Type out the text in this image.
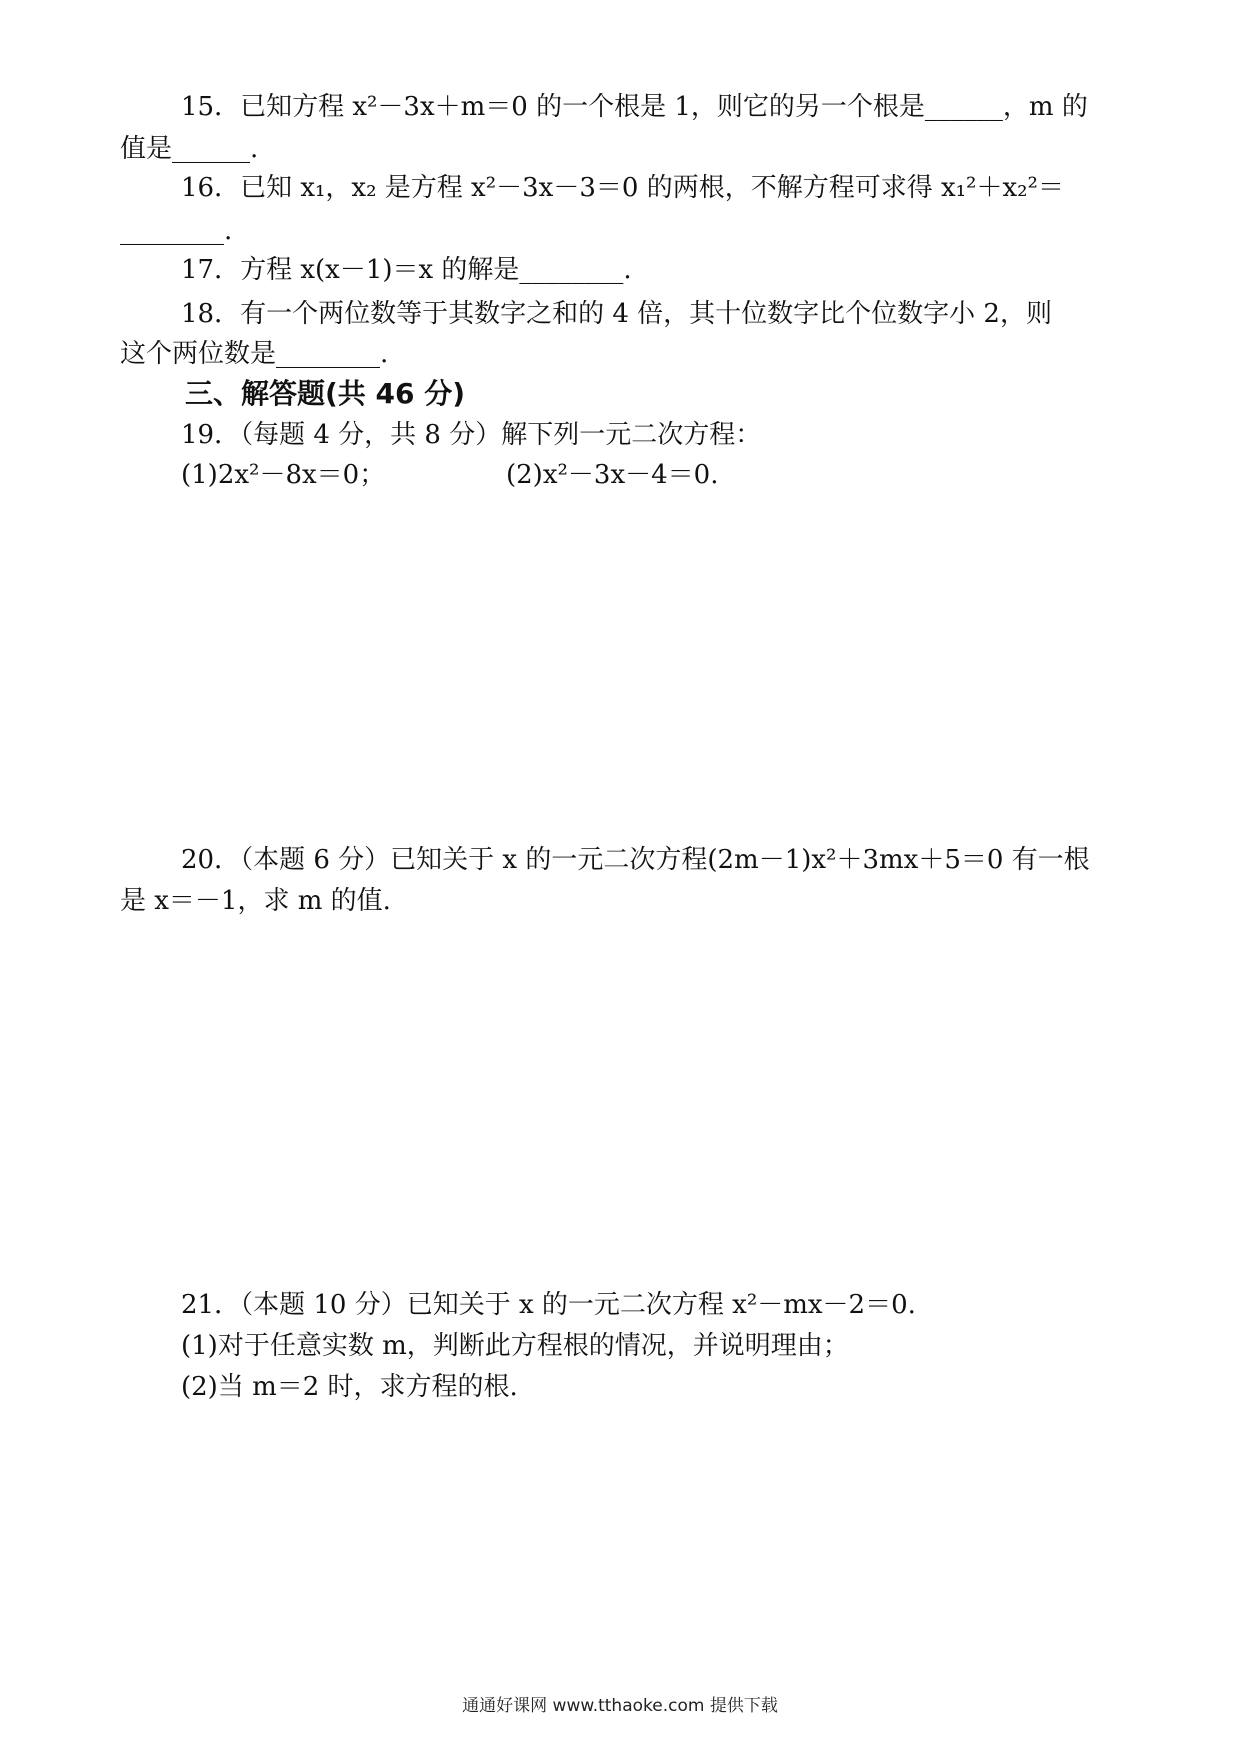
15．已知方程 x²－3x＋m＝0 的一个根是 1，则它的另一个根是______，m 的
值是______.
16．已知 x₁，x₂ 是方程 x²－3x－3＝0 的两根，不解方程可求得 x₁²＋x₂²＝
________.
17．方程 x(x－1)＝x 的解是________.
18．有一个两位数等于其数字之和的 4 倍，其十位数字比个位数字小 2，则
这个两位数是________.
三、解答题(共 46 分)
19．（每题 4 分，共 8 分）解下列一元二次方程：
(1)2x²－8x＝0；	(2)x²－3x－4＝0.
20．（本题 6 分）已知关于 x 的一元二次方程(2m－1)x²＋3mx＋5＝0 有一根
是 x＝－1，求 m 的值.
21．（本题 10 分）已知关于 x 的一元二次方程 x²－mx－2＝0.
(1)对于任意实数 m，判断此方程根的情况，并说明理由；
(2)当 m＝2 时，求方程的根.
通通好课网 www.tthaoke.com 提供下载
